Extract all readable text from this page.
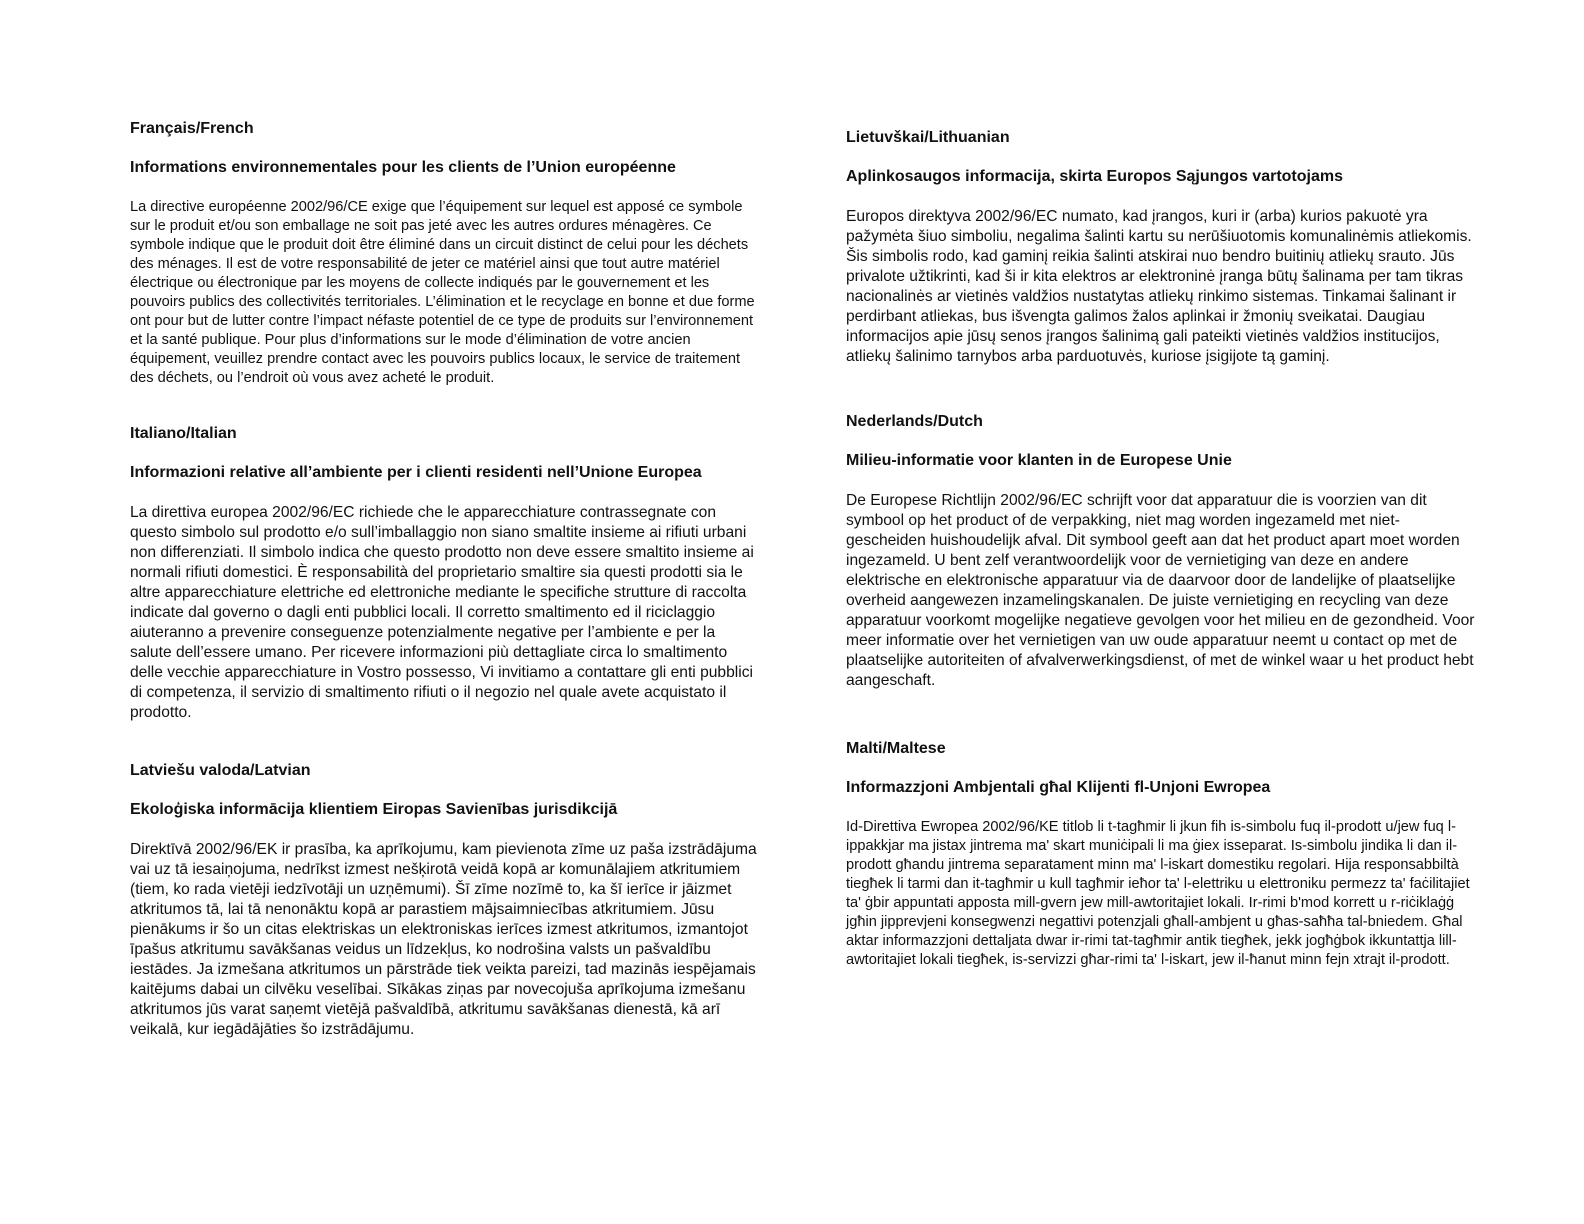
Français/French
Informations environnementales pour les clients de l’Union européenne
La directive européenne 2002/96/CE exige que l’équipement sur lequel est apposé ce symbole sur le produit et/ou son emballage ne soit pas jeté avec les autres ordures ménagères. Ce symbole indique que le produit doit être éliminé dans un circuit distinct de celui pour les déchets des ménages. Il est de votre responsabilité de jeter ce matériel ainsi que tout autre matériel électrique ou électronique par les moyens de collecte indiqués par le gouvernement et les pouvoirs publics des collectivités territoriales. L’élimination et le recyclage en bonne et due forme ont pour but de lutter contre l’impact néfaste potentiel de ce type de produits sur l’environnement et la santé publique. Pour plus d’informations sur le mode d’élimination de votre ancien équipement, veuillez prendre contact avec les pouvoirs publics locaux, le service de traitement des déchets, ou l’endroit où vous avez acheté le produit.
Italiano/Italian
Informazioni relative all’ambiente per i clienti residenti nell’Unione Europea
La direttiva europea 2002/96/EC richiede che le apparecchiature contrassegnate con questo simbolo sul prodotto e/o sull’imballaggio non siano smaltite insieme ai rifiuti urbani non differenziati. Il simbolo indica che questo prodotto non deve essere smaltito insieme ai normali rifiuti domestici. È responsabilità del proprietario smaltire sia questi prodotti sia le altre apparecchiature elettriche ed elettroniche mediante le specifiche strutture di raccolta indicate dal governo o dagli enti pubblici locali. Il corretto smaltimento ed il riciclaggio aiuteranno a prevenire conseguenze potenzialmente negative per l’ambiente e per la salute dell’essere umano. Per ricevere informazioni più dettagliate circa lo smaltimento delle vecchie apparecchiature in Vostro possesso, Vi invitiamo a contattare gli enti pubblici di competenza, il servizio di smaltimento rifiuti o il negozio nel quale avete acquistato il prodotto.
Latviešu valoda/Latvian
Ekoloģiska informācija klientiem Eiropas Savienības jurisdikcijā
Direktīvā 2002/96/EK ir prasība, ka aprīkojumu, kam pievienota zīme uz paša izstrādājuma vai uz tā iesaiņojuma, nedrīkst izmest nešķirotā veidā kopā ar komunālajiem atkritumiem (tiem, ko rada vietēji iedzīvotāji un uzņēmumi). Šī zīme nozīmē to, ka šī ierīce ir jāizmet atkritumos tā, lai tā nenonāktu kopā ar parastiem mājsaimniecības atkritumiem. Jūsu pienākums ir šo un citas elektriskas un elektroniskas ierīces izmest atkritumos, izmantojot īpašus atkritumu savākšanas veidus un līdzekļus, ko nodrošina valsts un pašvaldību iestādes. Ja izmešana atkritumos un pārstrāde tiek veikta pareizi, tad mazinās iespējamais kaitējums dabai un cilvēku veselībai. Sīkākas ziņas par novecojuša aprīkojuma izmešanu atkritumos jūs varat saņemt vietējā pašvaldībā, atkritumu savākšanas dienestā, kā arī veikalā, kur iegādājāties šo izstrādājumu.
Lietuvškai/Lithuanian
Aplinkosaugos informacija, skirta Europos Sąjungos vartotojams
Europos direktyva 2002/96/EC numato, kad įrangos, kuri ir (arba) kurios pakuotė yra pažymėta šiuo simboliu, negalima šalinti kartu su nerūšiuotomis komunalinėmis atliekomis. Šis simbolis rodo, kad gaminį reikia šalinti atskirai nuo bendro buitinių atliekų srauto. Jūs privalote užtikrinti, kad ši ir kita elektros ar elektroninė įranga būtų šalinama per tam tikras nacionalinės ar vietinės valdžios nustatytas atliekų rinkimo sistemas. Tinkamai šalinant ir perdirbant atliekas, bus išvengta galimos žalos aplinkai ir žmonių sveikatai. Daugiau informacijos apie jūsų senos įrangos šalinimą gali pateikti vietinės valdžios institucijos, atliekų šalinimo tarnybos arba parduotuvės, kuriose įsigijote tą gaminį.
Nederlands/Dutch
Milieu-informatie voor klanten in de Europese Unie
De Europese Richtlijn 2002/96/EC schrijft voor dat apparatuur die is voorzien van dit symbool op het product of de verpakking, niet mag worden ingezameld met niet-gescheiden huishoudelijk afval. Dit symbool geeft aan dat het product apart moet worden ingezameld. U bent zelf verantwoordelijk voor de vernietiging van deze en andere elektrische en elektronische apparatuur via de daarvoor door de landelijke of plaatselijke overheid aangewezen inzamelingskanalen. De juiste vernietiging en recycling van deze apparatuur voorkomt mogelijke negatieve gevolgen voor het milieu en de gezondheid. Voor meer informatie over het vernietigen van uw oude apparatuur neemt u contact op met de plaatselijke autoriteiten of afvalverwerkingsdienst, of met de winkel waar u het product hebt aangeschaft.
Malti/Maltese
Informazzjoni Ambjentali għal Klijenti fl-Unjoni Ewropea
Id-Direttiva Ewropea 2002/96/KE titlob li t-tagħmir li jkun fih is-simbolu fuq il-prodott u/jew fuq l-ippakkjar ma jistax jintrema ma' skart muniċipali li ma ġiex isseparat. Is-simbolu jindika li dan il-prodott għandu jintrema separatament minn ma' l-iskart domestiku regolari. Hija responsabbiltà tiegħek li tarmi dan it-tagħmir u kull tagħmir ieħor ta' l-elettriku u elettroniku permezz ta' faċilitajiet ta' ġbir appuntati apposta mill-gvern jew mill-awtoritajiet lokali. Ir-rimi b'mod korrett u r-riċiklaġġ jgħin jipprevjeni konsegwenzi negattivi potenzjali għall-ambjent u għas-saħħa tal-bniedem. Għal aktar informazzjoni dettaljata dwar ir-rimi tat-tagħmir antik tiegħek, jekk jogħġbok ikkuntattja lill-awtoritajiet lokali tiegħek, is-servizzi għar-rimi ta' l-iskart, jew il-ħanut minn fejn xtrajt il-prodott.
